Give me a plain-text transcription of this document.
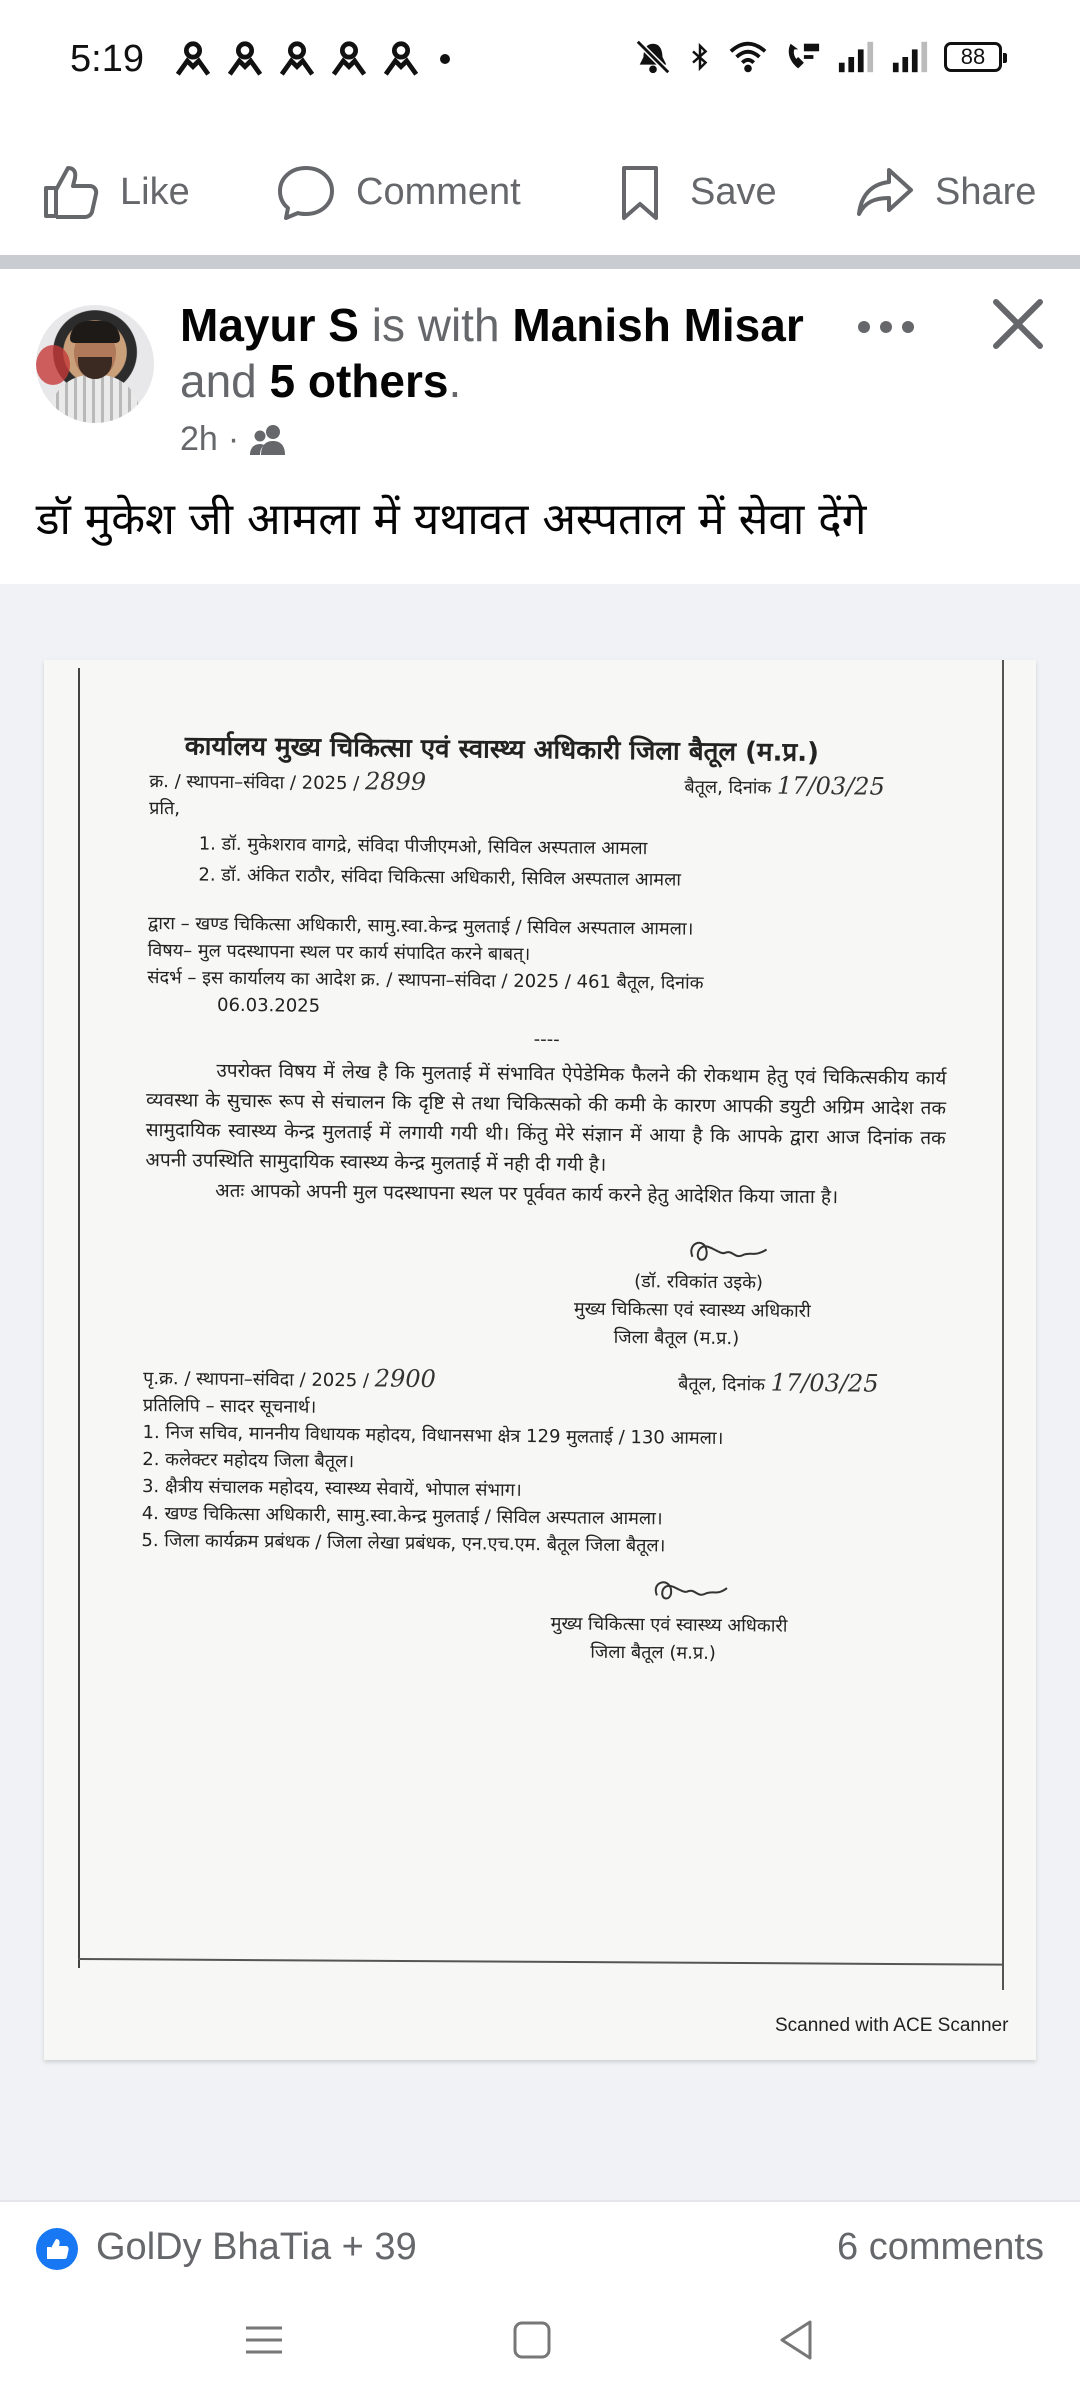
5:19	88
Like	Comment	Save	Share
Mayur S is with Manish Misar
and 5 others.
2h ·
डॉ मुकेश जी आमला में यथावत अस्पताल में सेवा देंगे
कार्यालय मुख्य चिकित्सा एवं स्वास्थ्य अधिकारी जिला बैतूल (म.प्र.)
क्र. / स्थापना–संविदा / 2025 / 2899	बैतूल, दिनांक 17/03/25
प्रति,
1. डॉ. मुकेशराव वागद्रे, संविदा पीजीएमओ, सिविल अस्पताल आमला
2. डॉ. अंकित राठौर, संविदा चिकित्सा अधिकारी, सिविल अस्पताल आमला
द्वारा – खण्ड चिकित्सा अधिकारी, सामु.स्वा.केन्द्र मुलताई / सिविल अस्पताल आमला।
विषय– मुल पदस्थापना स्थल पर कार्य संपादित करने बाबत्।
संदर्भ – इस कार्यालय का आदेश क्र. / स्थापना–संविदा / 2025 / 461 बैतूल, दिनांक
06.03.2025
----
उपरोक्त विषय में लेख है कि मुलताई में संभावित ऐपेडेमिक फैलने की रोकथाम हेतु एवं चिकित्सकीय कार्य व्यवस्था के सुचारू रूप से संचालन कि दृष्टि से तथा चिकित्सको की कमी के कारण आपकी डयुटी अग्रिम आदेश तक सामुदायिक स्वास्थ्य केन्द्र मुलताई में लगायी गयी थी। किंतु मेरे संज्ञान में आया है कि आपके द्वारा आज दिनांक तक अपनी उपस्थिति सामुदायिक स्वास्थ्य केन्द्र मुलताई में नही दी गयी है।
अतः आपको अपनी मुल पदस्थापना स्थल पर पूर्ववत कार्य करने हेतु आदेशित किया जाता है।
(डॉ. रविकांत उइके)
मुख्य चिकित्सा एवं स्वास्थ्य अधिकारी
जिला बैतूल (म.प्र.)
पृ.क्र. / स्थापना–संविदा / 2025 / 2900	बैतूल, दिनांक 17/03/25
प्रतिलिपि – सादर सूचनार्थ।
1. निज सचिव, माननीय विधायक महोदय, विधानसभा क्षेत्र 129 मुलताई / 130 आमला।
2. कलेक्टर महोदय जिला बैतूल।
3. क्षैत्रीय संचालक महोदय, स्वास्थ्य सेवायें, भोपाल संभाग।
4. खण्ड चिकित्सा अधिकारी, सामु.स्वा.केन्द्र मुलताई / सिविल अस्पताल आमला।
5. जिला कार्यक्रम प्रबंधक / जिला लेखा प्रबंधक, एन.एच.एम. बैतूल जिला बैतूल।
मुख्य चिकित्सा एवं स्वास्थ्य अधिकारी
जिला बैतूल (म.प्र.)
Scanned with ACE Scanner
GolDy BhaTia + 39	6 comments
